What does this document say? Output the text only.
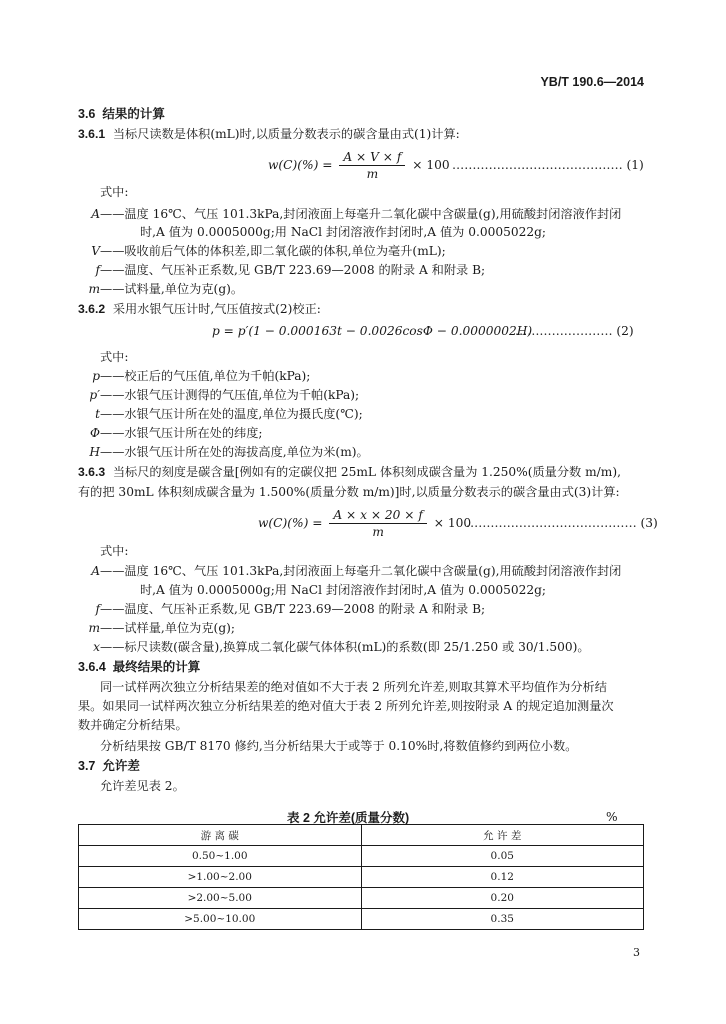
YB/T 190.6—2014
3.6 结果的计算
3.6.1 当标尺读数是体积(mL)时,以质量分数表示的碳含量由式(1)计算:
$w(C)(\%) = \frac{A \times V \times f}{m} \times 100$ …………………………………… (1)
式中:
A——温度 16℃、气压 101.3kPa,封闭液面上每毫升二氧化碳中含碳量(g),用硫酸封闭溶液作封闭
时,A 值为 0.0005000g;用 NaCl 封闭溶液作封闭时,A 值为 0.0005022g;
V——吸收前后气体的体积差,即二氧化碳的体积,单位为毫升(mL);
f——温度、气压补正系数,见 GB/T 223.69—2008 的附录 A 和附录 B;
m——试料量,单位为克(g)。
3.6.2 采用水银气压计时,气压值按式(2)校正:
p = p′(1 − 0.000163t − 0.0026cosΦ − 0.0000002H)
…………………… (2)
式中:
p——校正后的气压值,单位为千帕(kPa);
p′——水银气压计测得的气压值,单位为千帕(kPa);
t——水银气压计所在处的温度,单位为摄氏度(℃);
Φ——水银气压计所在处的纬度;
H——水银气压计所在处的海拔高度,单位为米(m)。
3.6.3 当标尺的刻度是碳含量[例如有的定碳仪把 25mL 体积刻成碳含量为 1.250%(质量分数 m/m),
有的把 30mL 体积刻成碳含量为 1.500%(质量分数 m/m)]时,以质量分数表示的碳含量由式(3)计算:
$w(C)(\%) = \frac{A \times x \times 20 \times f}{m} \times 100$
…………………………………… (3)
式中:
A——温度 16℃、气压 101.3kPa,封闭液面上每毫升二氧化碳中含碳量(g),用硫酸封闭溶液作封闭
时,A 值为 0.0005000g;用 NaCl 封闭溶液作封闭时,A 值为 0.0005022g;
f——温度、气压补正系数,见 GB/T 223.69—2008 的附录 A 和附录 B;
m——试样量,单位为克(g);
x——标尺读数(碳含量),换算成二氧化碳气体体积(mL)的系数(即 25/1.250 或 30/1.500)。
3.6.4 最终结果的计算
同一试样两次独立分析结果差的绝对值如不大于表 2 所列允许差,则取其算术平均值作为分析结
果。如果同一试样两次独立分析结果差的绝对值大于表 2 所列允许差,则按附录 A 的规定追加测量次
数并确定分析结果。
分析结果按 GB/T 8170 修约,当分析结果大于或等于 0.10%时,将数值修约到两位小数。
3.7 允许差
允许差见表 2。
表 2 允许差(质量分数)	%
游 离 碳	允 许 差
0.50~1.00	0.05
>1.00~2.00	0.12
>2.00~5.00	0.20
>5.00~10.00	0.35
3
